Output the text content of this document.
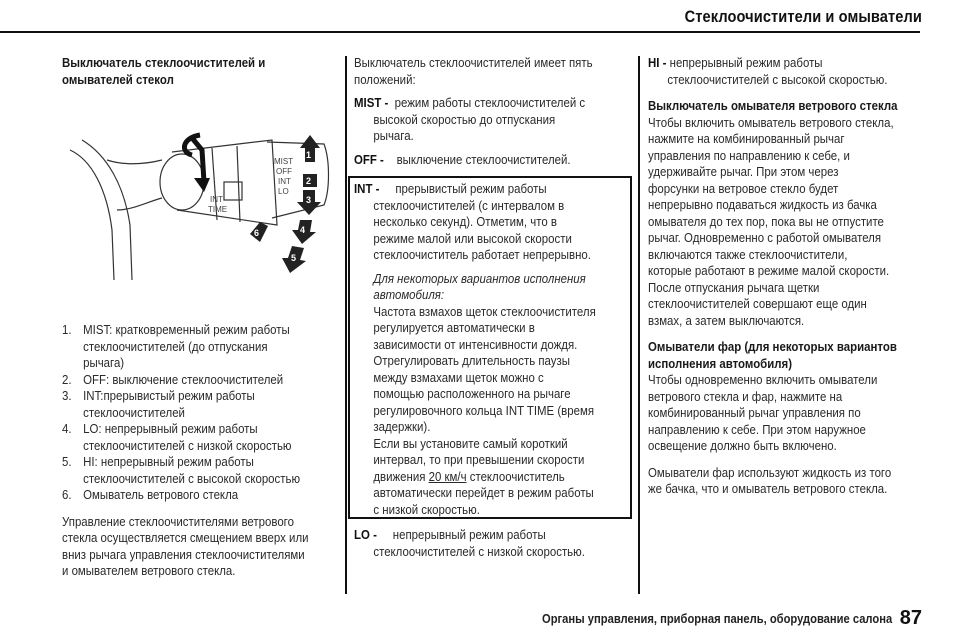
Стеклоочистители и омыватели
Выключатель стеклоочистителей и
омывателей стекол
INT
TIME
MIST
OFF
INT
LO
1
2
3
4
5
6
1. MIST: кратковременный режим работы
стеклоочистителей (до отпускания
рычага)
2. OFF: выключение стеклоочистителей
3. INT:прерывистый режим работы
стеклоочистителей
4. LO: непрерывный режим работы
стеклоочистителей с низкой скоростью
5. HI: непрерывный режим работы
стеклоочистителей с высокой скоростью
6. Омыватель ветрового стекла

Управление стеклоочистителями ветрового
стекла осуществляется смещением вверх или
вниз рычага управления стеклоочистителями
и омывателем ветрового стекла.

Выключатель стеклоочистителей имеет пять
положений:

MIST - режим работы стеклоочистителей с
высокой скоростью до отпускания
рычага.
OFF - выключение стеклоочистителей.
INT - прерывистый режим работы
стеклоочистителей (с интервалом в
несколько секунд). Отметим, что в
режиме малой или высокой скорости
стеклоочиститель работает непрерывно.
Для некоторых вариантов исполнения
автомобиля:
Частота взмахов щеток стеклоочистителя
регулируется автоматически в
зависимости от интенсивности дождя.
Отрегулировать длительность паузы
между взмахами щеток можно с
помощью расположенного на рычаге
регулировочного кольца INT TIME (время
задержки).
Если вы установите самый короткий
интервал, то при превышении скорости
движения 20 км/ч стеклоочиститель
автоматически перейдет в режим работы
с низкой скоростью.
LO - непрерывный режим работы
стеклоочистителей с низкой скоростью.
HI - непрерывный режим работы
стеклоочистителей с высокой скоростью.
Выключатель омывателя ветрового стекла
Чтобы включить омыватель ветрового стекла,
нажмите на комбинированный рычаг
управления по направлению к себе, и
удерживайте рычаг. При этом через
форсунки на ветровое стекло будет
непрерывно подаваться жидкость из бачка
омывателя до тех пор, пока вы не отпустите
рычаг. Одновременно с работой омывателя
включаются также стеклоочистители,
которые работают в режиме малой скорости.
После отпускания рычага щетки
стеклоочистителей совершают еще один
взмах, а затем выключаются.
Омыватели фар (для некоторых вариантов
исполнения автомобиля)
Чтобы одновременно включить омыватели
ветрового стекла и фар, нажмите на
комбинированный рычаг управления по
направлению к себе. При этом наружное
освещение должно быть включено.

Омыватели фар используют жидкость из того
же бачка, что и омыватель ветрового стекла.

Органы управления, приборная панель, оборудование салона 87
